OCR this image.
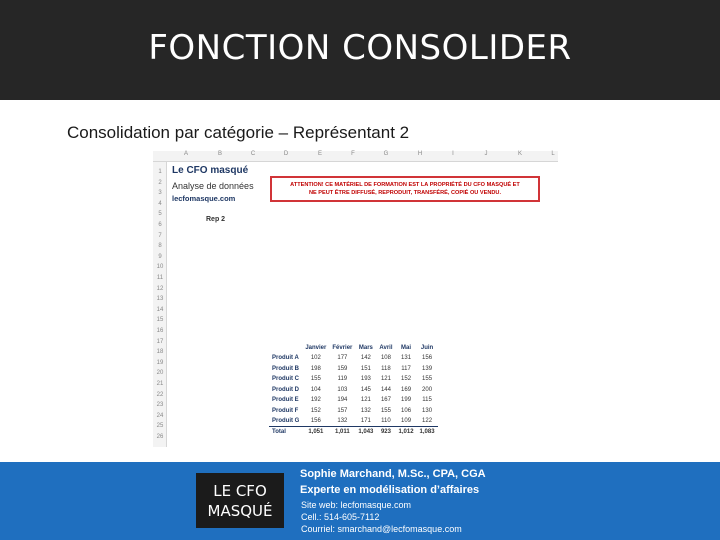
FONCTION CONSOLIDER
Consolidation par catégorie – Représentant 2
A	B	C	D	E	F	G	H	I	J	K	L
1
2
3
4
5
6
7
8
9
10
11
12
13
14
15
16
17
18
19
20
21
22
23
24
25
26
Le CFO masqué
Analyse de données
lecfomasque.com
Rep 2
ATTENTION! CE MATÉRIEL DE FORMATION EST LA PROPRIÉTÉ DU CFO MASQUÉ ET
NE PEUT ÊTRE DIFFUSÉ, REPRODUIT, TRANSFÉRÉ, COPIÉ OU VENDU.
	Janvier	Février	Mars	Avril	Mai	Juin
Produit A	102	177	142	108	131	156
Produit B	198	159	151	118	117	139
Produit C	155	119	193	121	152	155
Produit D	104	103	145	144	169	200
Produit E	192	194	121	167	199	115
Produit F	152	157	132	155	106	130
Produit G	156	132	171	110	109	122
Total	1,051	1,011	1,043	923	1,012	1,083
LE CFO
MASQUÉ
Sophie Marchand, M.Sc., CPA, CGA
Experte en modélisation d’affaires
Site web: lecfomasque.com
Cell.: 514-605-7112
Courriel: smarchand@lecfomasque.com
